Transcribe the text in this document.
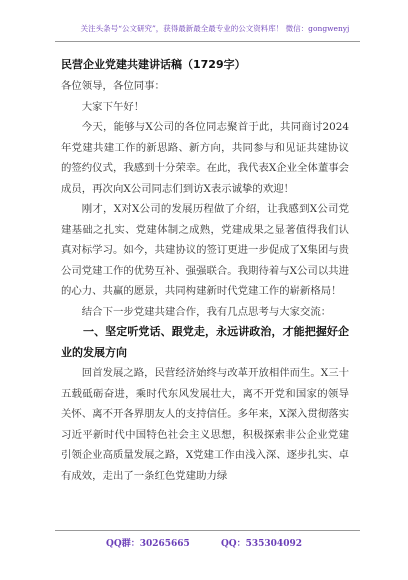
关注头条号“公文研究”，获得最新最全最专业的公文资料库！ 微信：gongwenyj
民营企业党建共建讲话稿（1729字）

各位领导，各位同事：

大家下午好！

今天，能够与X公司的各位同志聚首于此，共同商讨2024年党建共建工作的新思路、新方向，共同参与和见证共建协议的签约仪式，我感到十分荣幸。在此，我代表X企业全体董事会成员，再次向X公司同志们到访X表示诚挚的欢迎！

刚才，X对X公司的发展历程做了介绍，让我感到X公司党建基础之扎实、党建体制之成熟，党建成果之显著值得我们认真对标学习。如今，共建协议的签订更进一步促成了X集团与贵公司党建工作的优势互补、强强联合。我期待着与X公司以共进的心力、共赢的愿景，共同构建新时代党建工作的崭新格局！

结合下一步党建共建合作，我有几点思考与大家交流：

一、坚定听党话、跟党走，永远讲政治，才能把握好企业的发展方向

回首发展之路，民营经济始终与改革开放相伴而生。X三十五载砥砺奋进，乘时代东风发展壮大，离不开党和国家的领导关怀、离不开各界朋友人的支持信任。多年来，X深入贯彻落实习近平新时代中国特色社会主义思想，积极探索非公企业党建引领企业高质量发展之路，X党建工作由浅入深、逐步扎实、卓有成效，走出了一条红色党建助力绿

QQ群：30265665	QQ：535304092
